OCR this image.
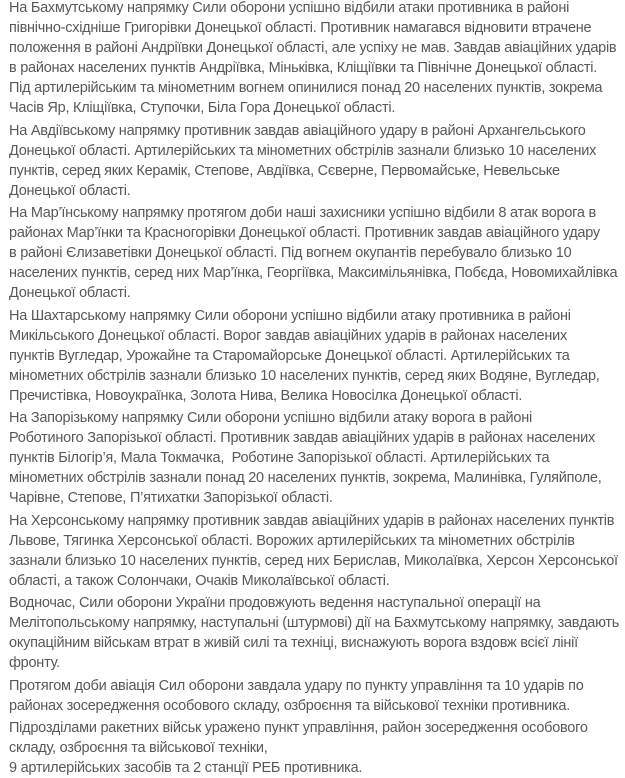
На Бахмутському напрямку Сили оборони успішно відбили атаки противника в районі
північно-східніше Григорівки Донецької області. Противник намагався відновити втрачене
положення в районі Андріївки Донецької області, але успіху не мав. Завдав авіаційних ударів
в районах населених пунктів Андріївка, Міньківка, Кліщіївки та Північне Донецької області.
Під артилерійським та мінометним вогнем опинилися понад 20 населених пунктів, зокрема
Часів Яр, Кліщіївка, Ступочки, Біла Гора Донецької області.

На Авдіївському напрямку противник завдав авіаційного удару в районі Архангельського
Донецької області. Артилерійських та мінометних обстрілів зазнали близько 10 населених
пунктів, серед яких Керамік, Степове, Авдіївка, Сєверне, Первомайське, Невельське
Донецької області.

На Мар’їнському напрямку протягом доби наші захисники успішно відбили 8 атак ворога в
районах Мар’їнки та Красногорівки Донецької області. Противник завдав авіаційного удару
в районі Єлизаветівки Донецької області. Під вогнем окупантів перебувало близько 10
населених пунктів, серед них Мар’їнка, Георгіївка, Максимільянівка, Побєда, Новомихайлівка
Донецької області.

На Шахтарському напрямку Сили оборони успішно відбили атаку противника в районі
Микільського Донецької області. Ворог завдав авіаційних ударів в районах населених
пунктів Вугледар, Урожайне та Старомайорське Донецької області. Артилерійських та
мінометних обстрілів зазнали близько 10 населених пунктів, серед яких Водяне, Вугледар,
Пречистівка, Новоукраїнка, Золота Нива, Велика Новосілка Донецької області.

На Запорізькому напрямку Сили оборони успішно відбили атаку ворога в районі
Роботиного Запорізької області. Противник завдав авіаційних ударів в районах населених
пунктів Білогір’я, Мала Токмачка,  Роботине Запорізької області. Артилерійських та
мінометних обстрілів зазнали понад 20 населених пунктів, зокрема, Малинівка, Гуляйполе,
Чарівне, Степове, П’ятихатки Запорізької області.

На Херсонському напрямку противник завдав авіаційних ударів в районах населених пунктів
Львове, Тягинка Херсонської області. Ворожих артилерійських та мінометних обстрілів
зазнали близько 10 населених пунктів, серед них Берислав, Миколаївка, Херсон Херсонської
області, а також Солончаки, Очаків Миколаївської області.

Водночас, Сили оборони України продовжують ведення наступальної операції на
Мелітопольському напрямку, наступальні (штурмові) дії на Бахмутському напрямку, завдають
окупаційним військам втрат в живій силі та техніці, виснажують ворога вздовж всієї лінії
фронту.

Протягом доби авіація Сил оборони завдала удару по пункту управління та 10 ударів по
районах зосередження особового складу, озброєння та військової техніки противника.

Підрозділами ракетних військ уражено пункт управління, район зосередження особового
складу, озброєння та військової техніки,
9 артилерійських засобів та 2 станції РЕБ противника.
